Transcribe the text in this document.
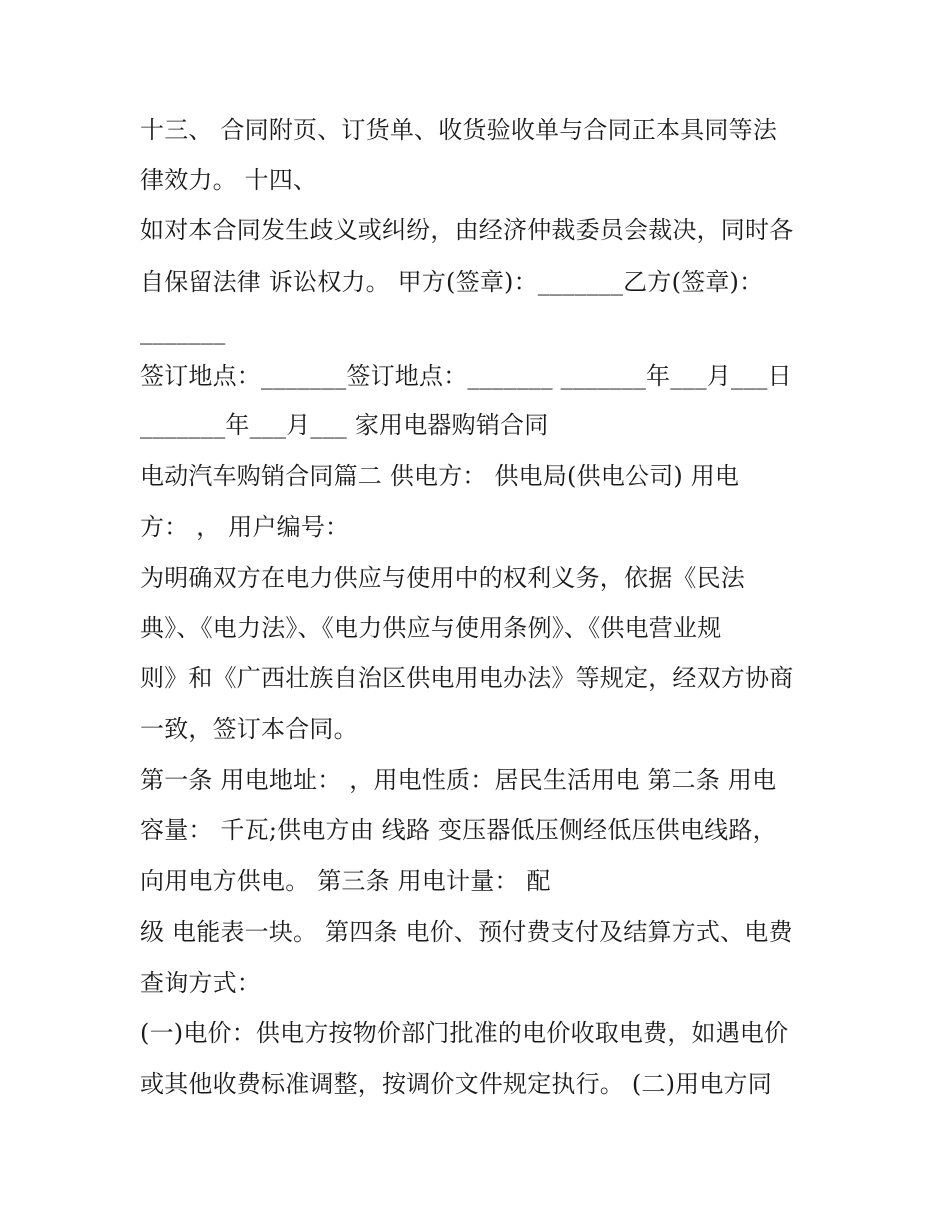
十三、 合同附页、订货单、收货验收单与合同正本具同等法
律效力。 十四、
如对本合同发生歧义或纠纷，由经济仲裁委员会裁决，同时各
自保留法律 诉讼权力。 甲方(签章)：_______乙方(签章)：
_______
签订地点：_______签订地点：_______ _______年___月___日
_______年___月___ 家用电器购销合同
电动汽车购销合同篇二 供电方： 供电局(供电公司) 用电
方： ， 用户编号：
为明确双方在电力供应与使用中的权利义务，依据《民法
典》、《电力法》、《电力供应与使用条例》、《供电营业规
则》和《广西壮族自治区供电用电办法》等规定，经双方协商
一致，签订本合同。
第一条 用电地址： ，用电性质：居民生活用电 第二条 用电
容量： 千瓦;供电方由 线路 变压器低压侧经低压供电线路，
向用电方供电。 第三条 用电计量： 配
级 电能表一块。 第四条 电价、预付费支付及结算方式、电费
查询方式：
(一)电价：供电方按物价部门批准的电价收取电费，如遇电价
或其他收费标准调整，按调价文件规定执行。 (二)用电方同
